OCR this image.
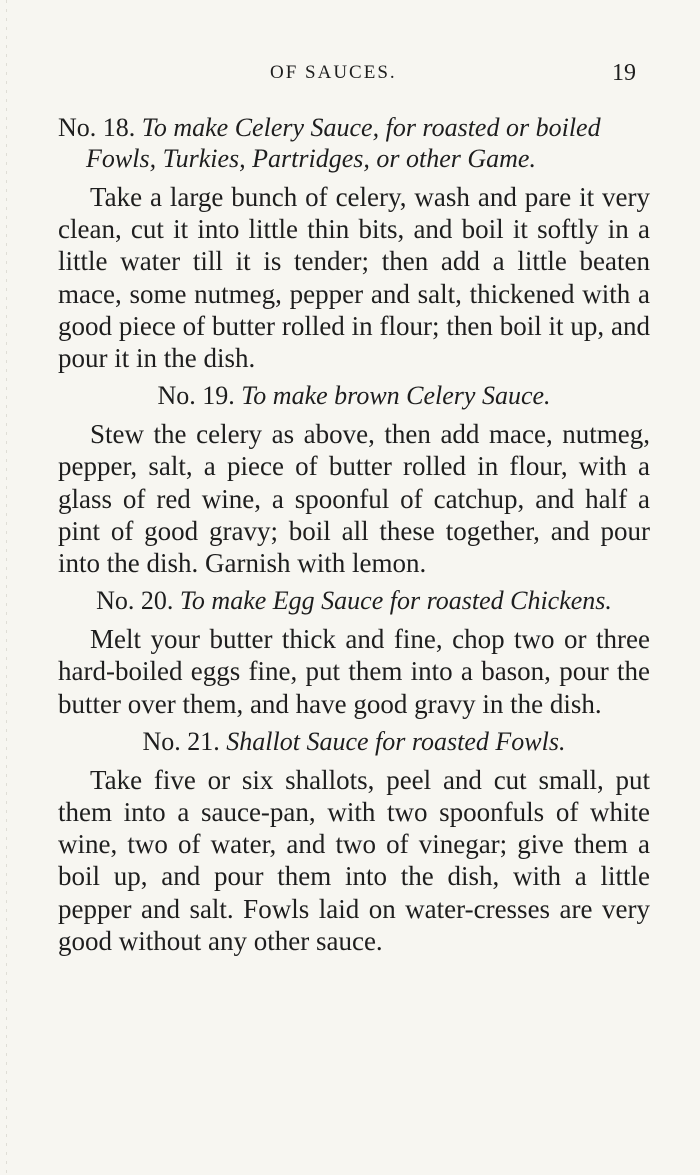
OF SAUCES.	19
No. 18. To make Celery Sauce, for roasted or boiled Fowls, Turkies, Partridges, or other Game.

Take a large bunch of celery, wash and pare it very clean, cut it into little thin bits, and boil it softly in a little water till it is tender; then add a little beaten mace, some nutmeg, pepper and salt, thickened with a good piece of butter rolled in flour; then boil it up, and pour it in the dish.

No. 19. To make brown Celery Sauce.

Stew the celery as above, then add mace, nutmeg, pepper, salt, a piece of butter rolled in flour, with a glass of red wine, a spoonful of catchup, and half a pint of good gravy; boil all these together, and pour into the dish. Garnish with lemon.

No. 20. To make Egg Sauce for roasted Chickens.

Melt your butter thick and fine, chop two or three hard-boiled eggs fine, put them into a bason, pour the butter over them, and have good gravy in the dish.

No. 21. Shallot Sauce for roasted Fowls.

Take five or six shallots, peel and cut small, put them into a sauce-pan, with two spoonfuls of white wine, two of water, and two of vinegar; give them a boil up, and pour them into the dish, with a little pepper and salt. Fowls laid on water-cresses are very good without any other sauce.
